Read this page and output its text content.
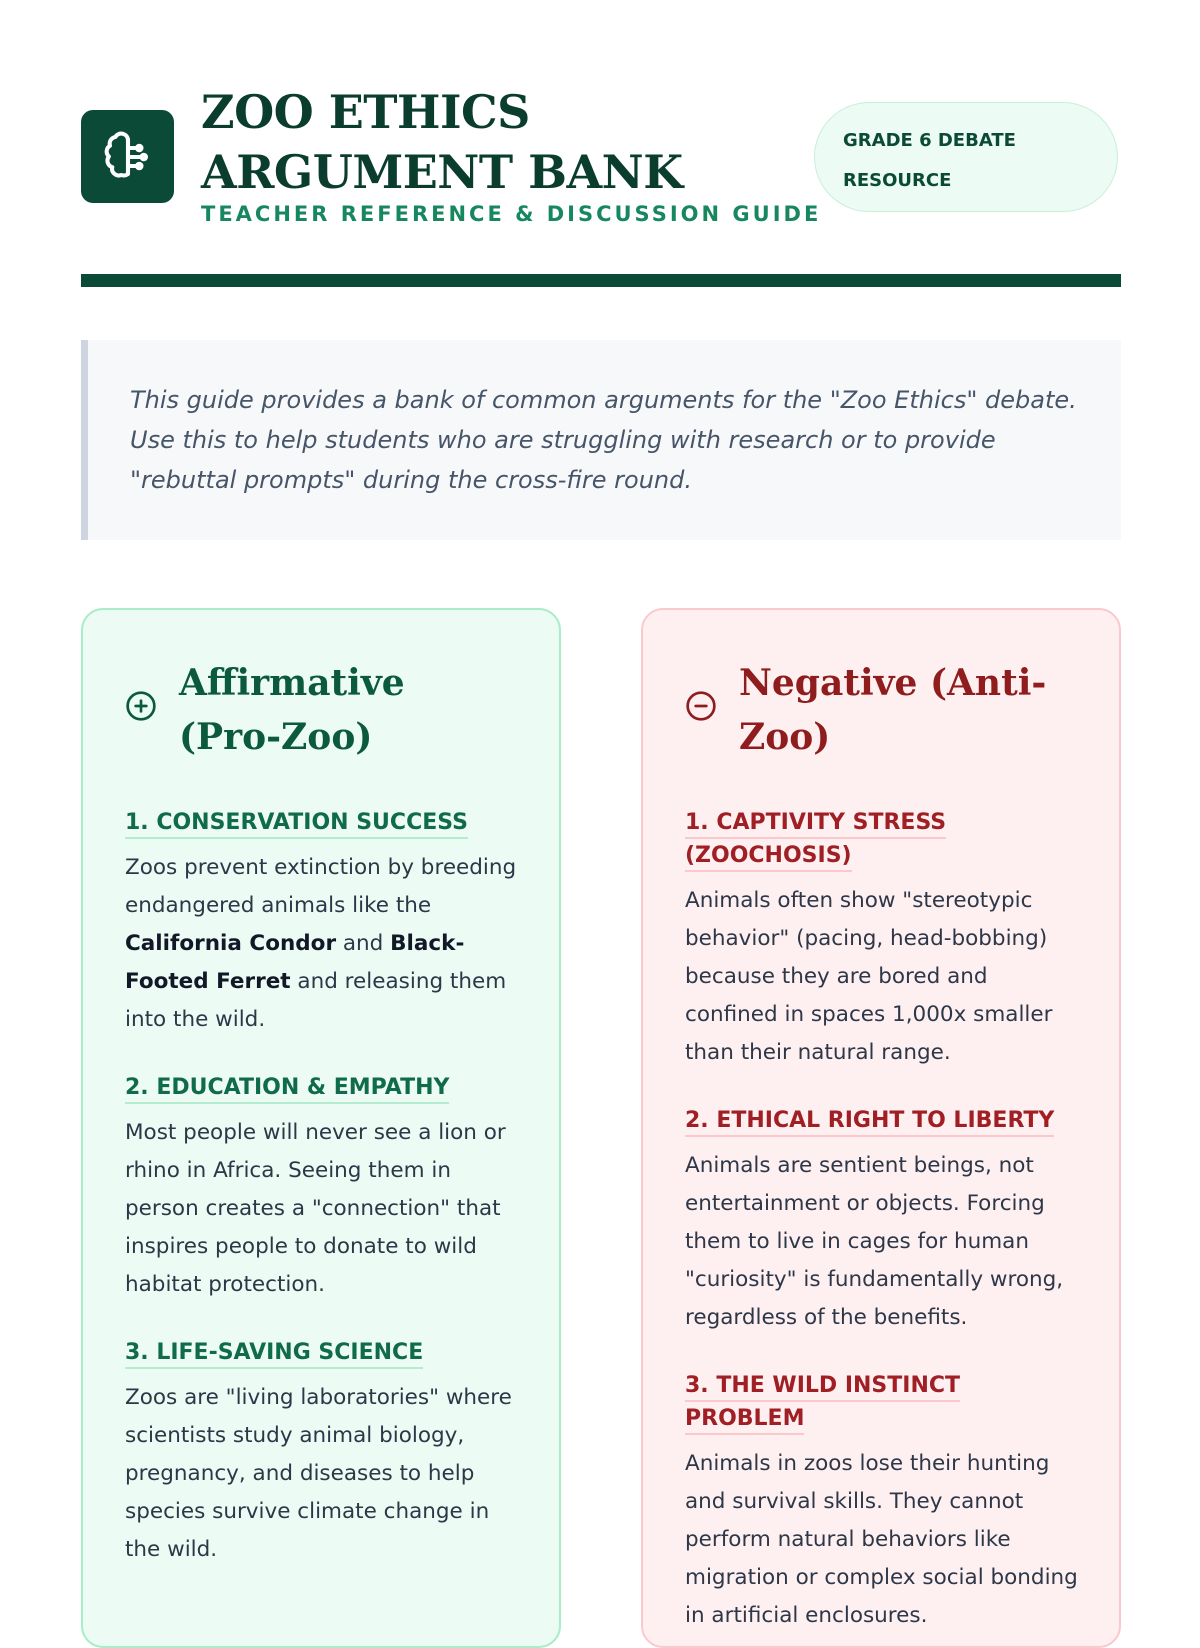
ZOO ETHICS ARGUMENT BANK
TEACHER REFERENCE & DISCUSSION GUIDE
GRADE 6 DEBATE RESOURCE
This guide provides a bank of common arguments for the "Zoo Ethics" debate. Use this to help students who are struggling with research or to provide "rebuttal prompts" during the cross-fire round.
Affirmative (Pro-Zoo)
1. CONSERVATION SUCCESS

Zoos prevent extinction by breeding endangered animals like the California Condor and Black-Footed Ferret and releasing them into the wild.

2. EDUCATION & EMPATHY

Most people will never see a lion or rhino in Africa. Seeing them in person creates a "connection" that inspires people to donate to wild habitat protection.

3. LIFE-SAVING SCIENCE

Zoos are "living laboratories" where scientists study animal biology, pregnancy, and diseases to help species survive climate change in the wild.

Negative (Anti-Zoo)
1. CAPTIVITY STRESS (ZOOCHOSIS)

Animals often show "stereotypic behavior" (pacing, head-bobbing) because they are bored and confined in spaces 1,000x smaller than their natural range.

2. ETHICAL RIGHT TO LIBERTY

Animals are sentient beings, not entertainment or objects. Forcing them to live in cages for human "curiosity" is fundamentally wrong, regardless of the benefits.

3. THE WILD INSTINCT PROBLEM

Animals in zoos lose their hunting and survival skills. They cannot perform natural behaviors like migration or complex social bonding in artificial enclosures.
